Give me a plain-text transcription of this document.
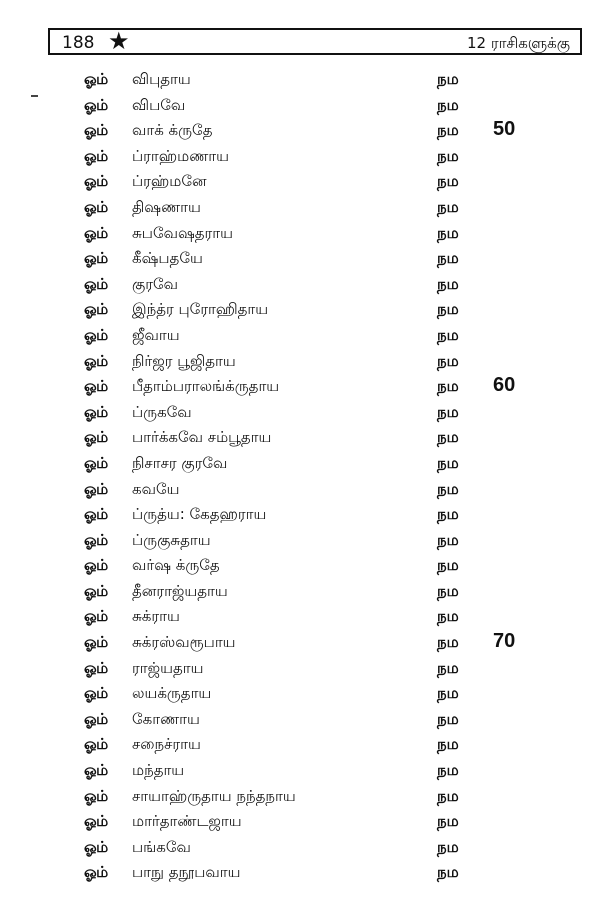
188 ★	12 ராசிகளுக்கு
ஓம் விபுதாய	நம
ஓம் விபவே	நம
ஓம் வாக் க்ருதே	நம 50
ஓம் ப்ராஹ்மணாய	நம
ஓம் ப்ரஹ்மனே	நம
ஓம் திஷணாய	நம
ஓம் சுபவேஷதராய	நம
ஓம் கீஷ்பதயே	நம
ஓம் குரவே	நம
ஓம் இந்த்ர புரோஹிதாய	நம
ஓம் ஜீவாய	நம
ஓம் நிர்ஜர பூஜிதாய	நம
ஓம் பீதாம்பராலங்க்ருதாய	நம 60
ஓம் ப்ருகவே	நம
ஓம் பார்க்கவே சம்பூதாய	நம
ஓம் நிசாசர குரவே	நம
ஓம் கவயே	நம
ஓம் ப்ருத்ய: கேதஹராய	நம
ஓம் ப்ருகுசுதாய	நம
ஓம் வர்ஷ க்ருதே	நம
ஓம் தீனராஜ்யதாய	நம
ஓம் சுக்ராய	நம
ஓம் சுக்ரஸ்வரூபாய	நம 70
ஓம் ராஜ்யதாய	நம
ஓம் லயக்ருதாய	நம
ஓம் கோணாய	நம
ஓம் சநைச்ராய	நம
ஓம் மந்தாய	நம
ஓம் சாயாஹ்ருதாய நந்தநாய	நம
ஓம் மார்தாண்டஜாய	நம
ஓம் பங்கவே	நம
ஓம் பாநு தநூபவாய	நம
